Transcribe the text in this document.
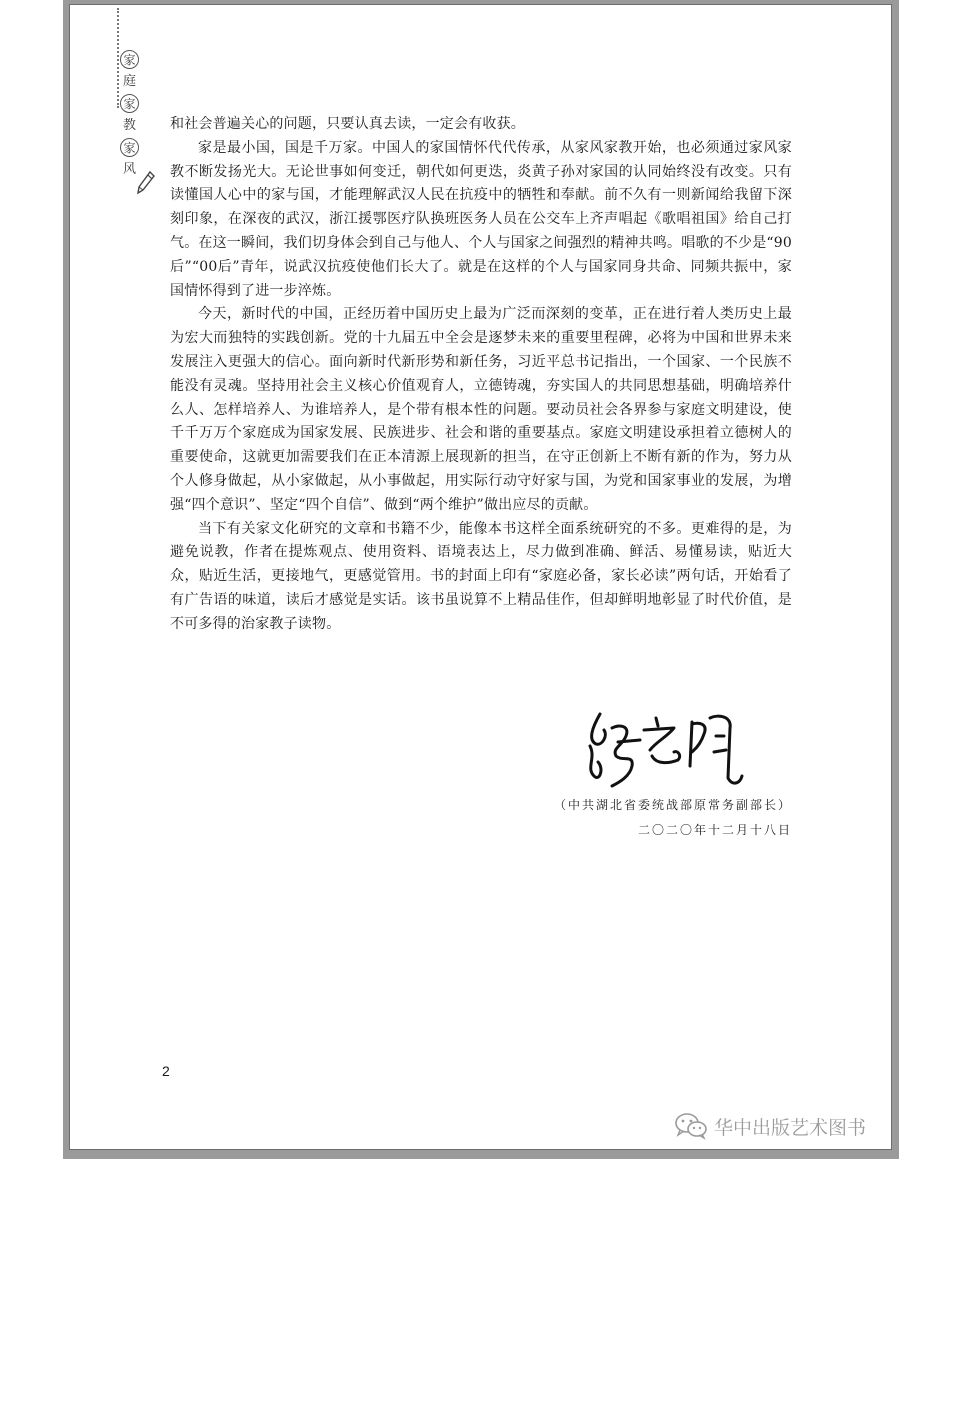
家
庭
家
教
家
风

和社会普遍关心的问题，只要认真去读，一定会有收获。

家是最小国，国是千万家。中国人的家国情怀代代传承，从家风家教开始，也必须通过家风家教不断发扬光大。无论世事如何变迁，朝代如何更迭，炎黄子孙对家国的认同始终没有改变。只有读懂国人心中的家与国，才能理解武汉人民在抗疫中的牺牲和奉献。前不久有一则新闻给我留下深刻印象，在深夜的武汉，浙江援鄂医疗队换班医务人员在公交车上齐声唱起《歌唱祖国》给自己打气。在这一瞬间，我们切身体会到自己与他人、个人与国家之间强烈的精神共鸣。唱歌的不少是“90后”“00后”青年，说武汉抗疫使他们长大了。就是在这样的个人与国家同身共命、同频共振中，家国情怀得到了进一步淬炼。

今天，新时代的中国，正经历着中国历史上最为广泛而深刻的变革，正在进行着人类历史上最为宏大而独特的实践创新。党的十九届五中全会是逐梦未来的重要里程碑，必将为中国和世界未来发展注入更强大的信心。面向新时代新形势和新任务，习近平总书记指出，一个国家、一个民族不能没有灵魂。坚持用社会主义核心价值观育人，立德铸魂，夯实国人的共同思想基础，明确培养什么人、怎样培养人、为谁培养人，是个带有根本性的问题。要动员社会各界参与家庭文明建设，使千千万万个家庭成为国家发展、民族进步、社会和谐的重要基点。家庭文明建设承担着立德树人的重要使命，这就更加需要我们在正本清源上展现新的担当，在守正创新上不断有新的作为，努力从个人修身做起，从小家做起，从小事做起，用实际行动守好家与国，为党和国家事业的发展，为增强“四个意识”、坚定“四个自信”、做到“两个维护”做出应尽的贡献。

当下有关家文化研究的文章和书籍不少，能像本书这样全面系统研究的不多。更难得的是，为避免说教，作者在提炼观点、使用资料、语境表达上，尽力做到准确、鲜活、易懂易读，贴近大众，贴近生活，更接地气，更感觉管用。书的封面上印有“家庭必备，家长必读”两句话，开始看了有广告语的味道，读后才感觉是实话。该书虽说算不上精品佳作，但却鲜明地彰显了时代价值，是不可多得的治家教子读物。

（中共湖北省委统战部原常务副部长）
二〇二〇年十二月十八日
2
华中出版艺术图书
